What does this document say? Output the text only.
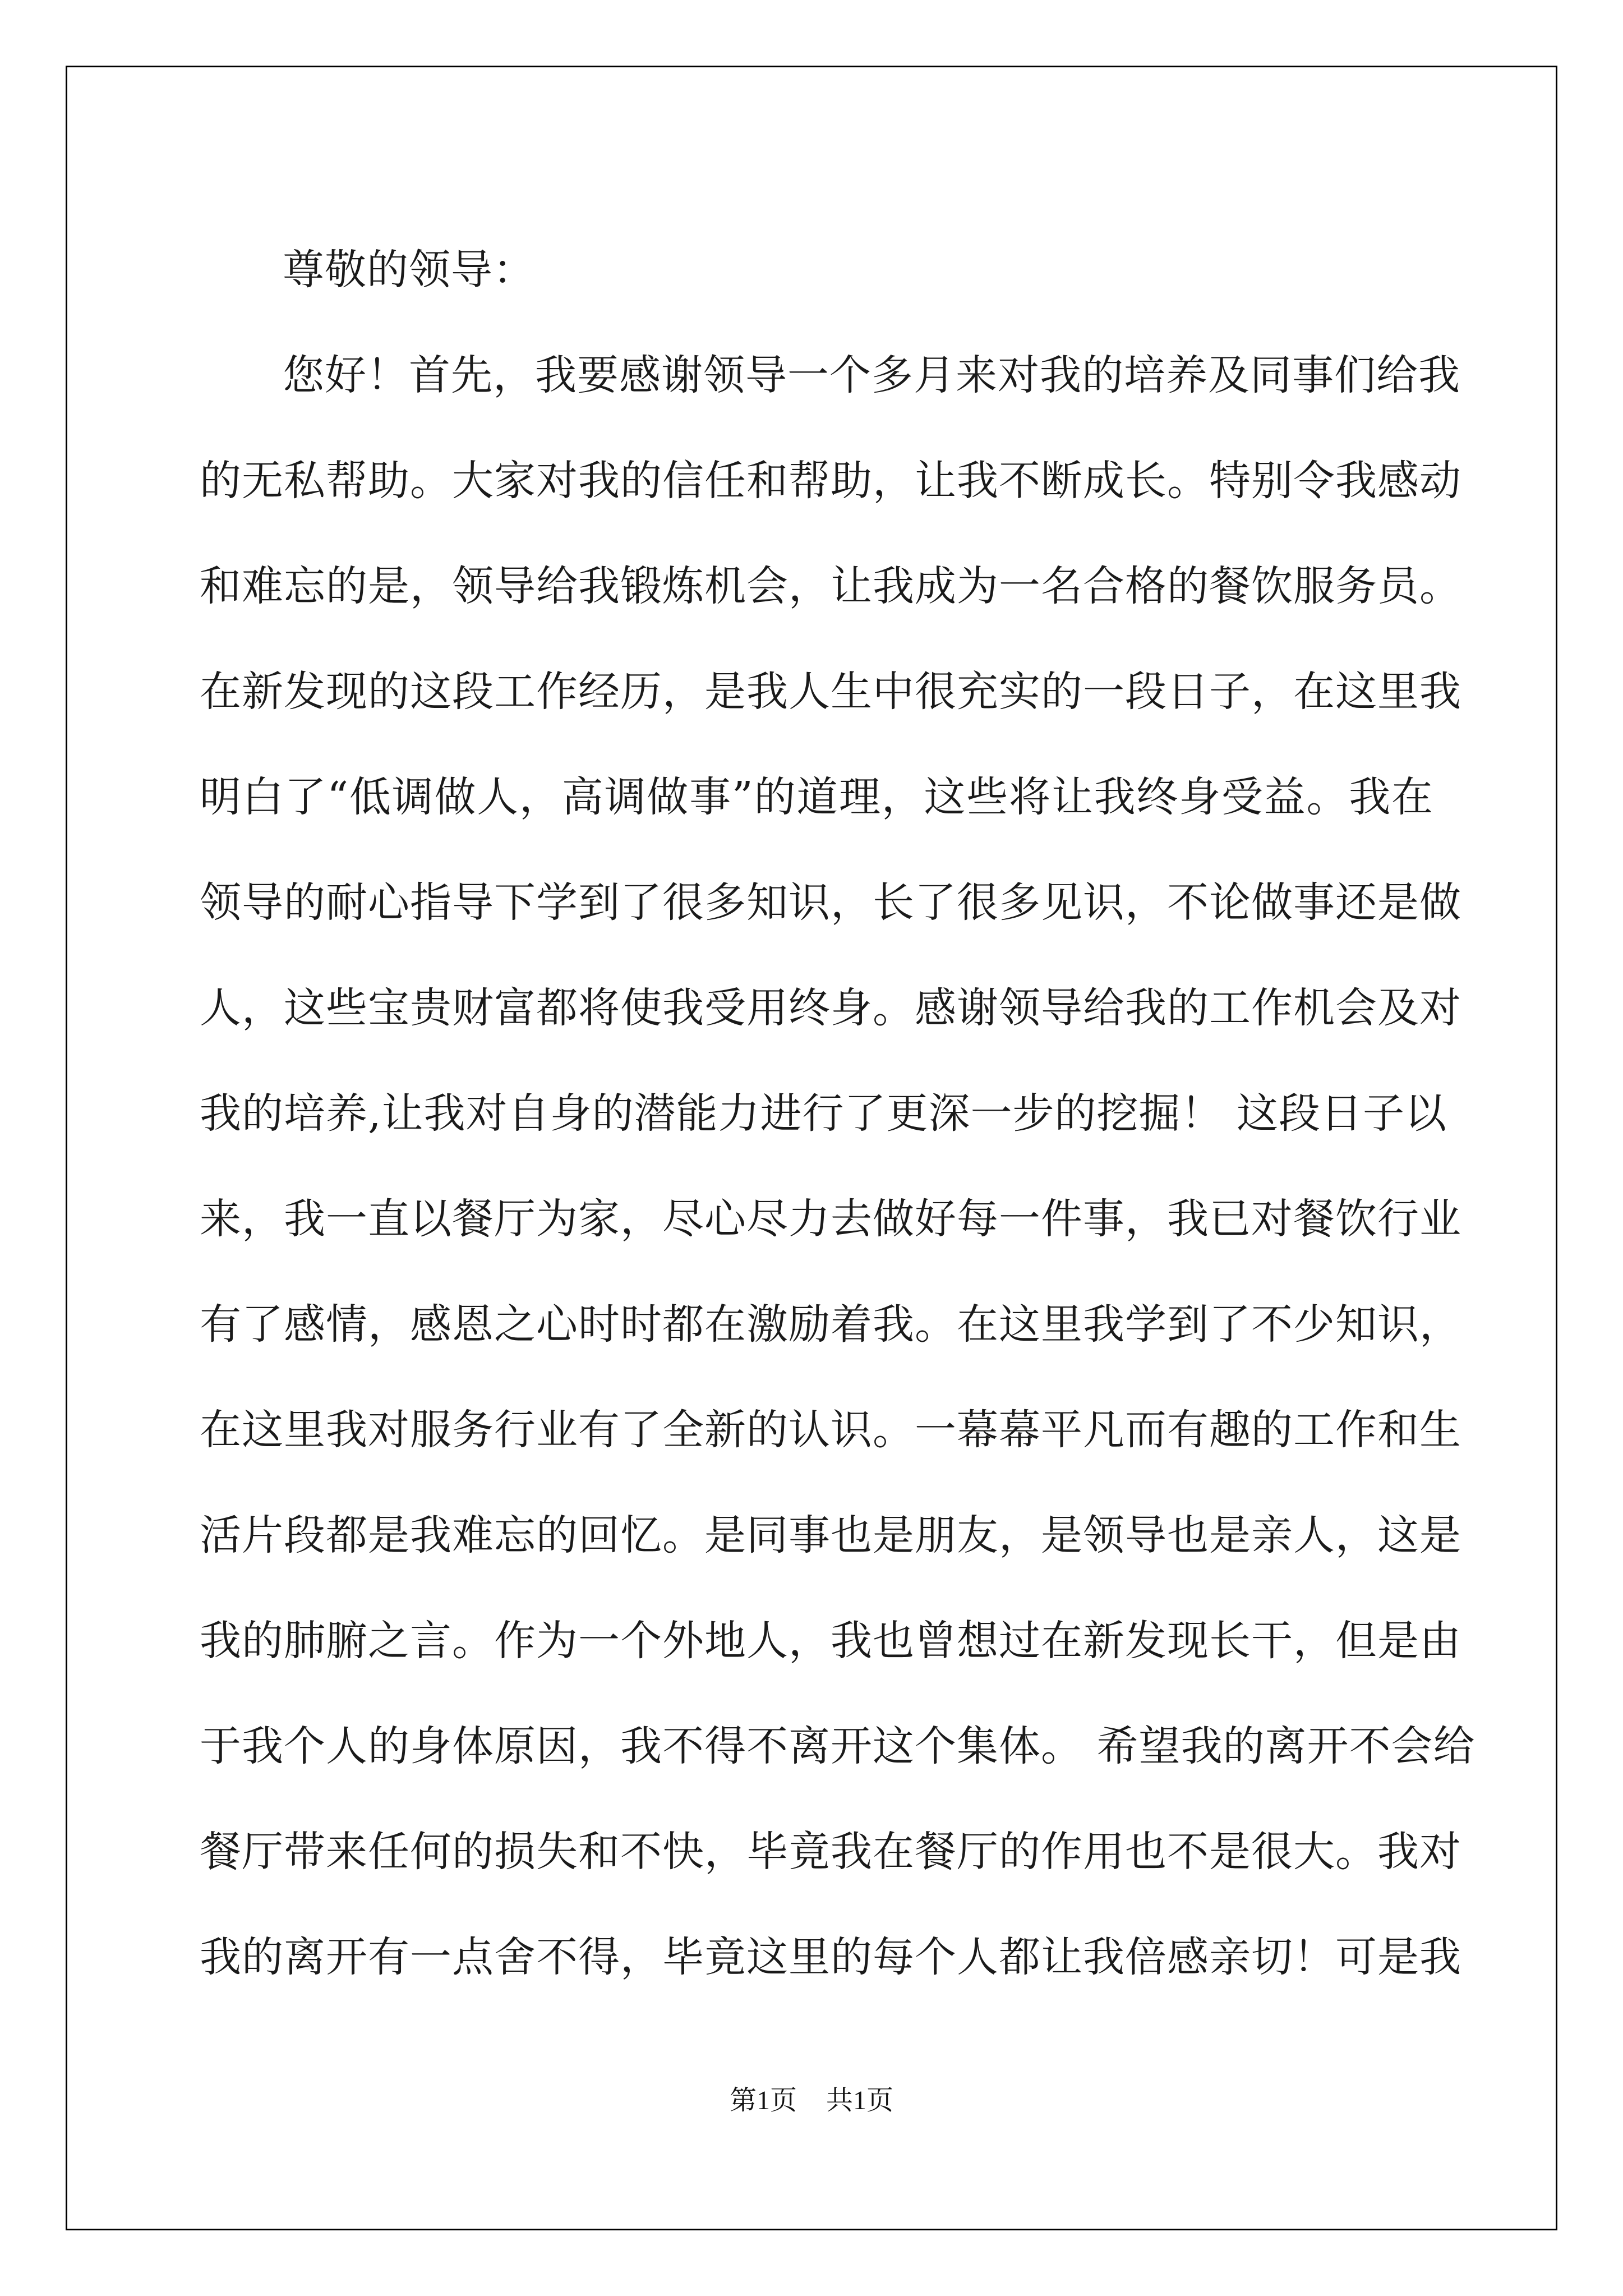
尊敬的领导：
您好！首先，我要感谢领导一个多月来对我的培养及同事们给我
的无私帮助。大家对我的信任和帮助，让我不断成长。特别令我感动
和难忘的是，领导给我锻炼机会，让我成为一名合格的餐饮服务员。
在新发现的这段工作经历，是我人生中很充实的一段日子，在这里我
明白了“低调做人，高调做事”的道理，这些将让我终身受益。我在
领导的耐心指导下学到了很多知识，长了很多见识，不论做事还是做
人，这些宝贵财富都将使我受用终身。感谢领导给我的工作机会及对
我的培养,让我对自身的潜能力进行了更深一步的挖掘！ 这段日子以
来，我一直以餐厅为家，尽心尽力去做好每一件事，我已对餐饮行业
有了感情，感恩之心时时都在激励着我。在这里我学到了不少知识，
在这里我对服务行业有了全新的认识。一幕幕平凡而有趣的工作和生
活片段都是我难忘的回忆。是同事也是朋友，是领导也是亲人，这是
我的肺腑之言。作为一个外地人，我也曾想过在新发现长干，但是由
于我个人的身体原因，我不得不离开这个集体。 希望我的离开不会给
餐厅带来任何的损失和不快，毕竟我在餐厅的作用也不是很大。我对
我的离开有一点舍不得，毕竟这里的每个人都让我倍感亲切！可是我
第1页 共1页
